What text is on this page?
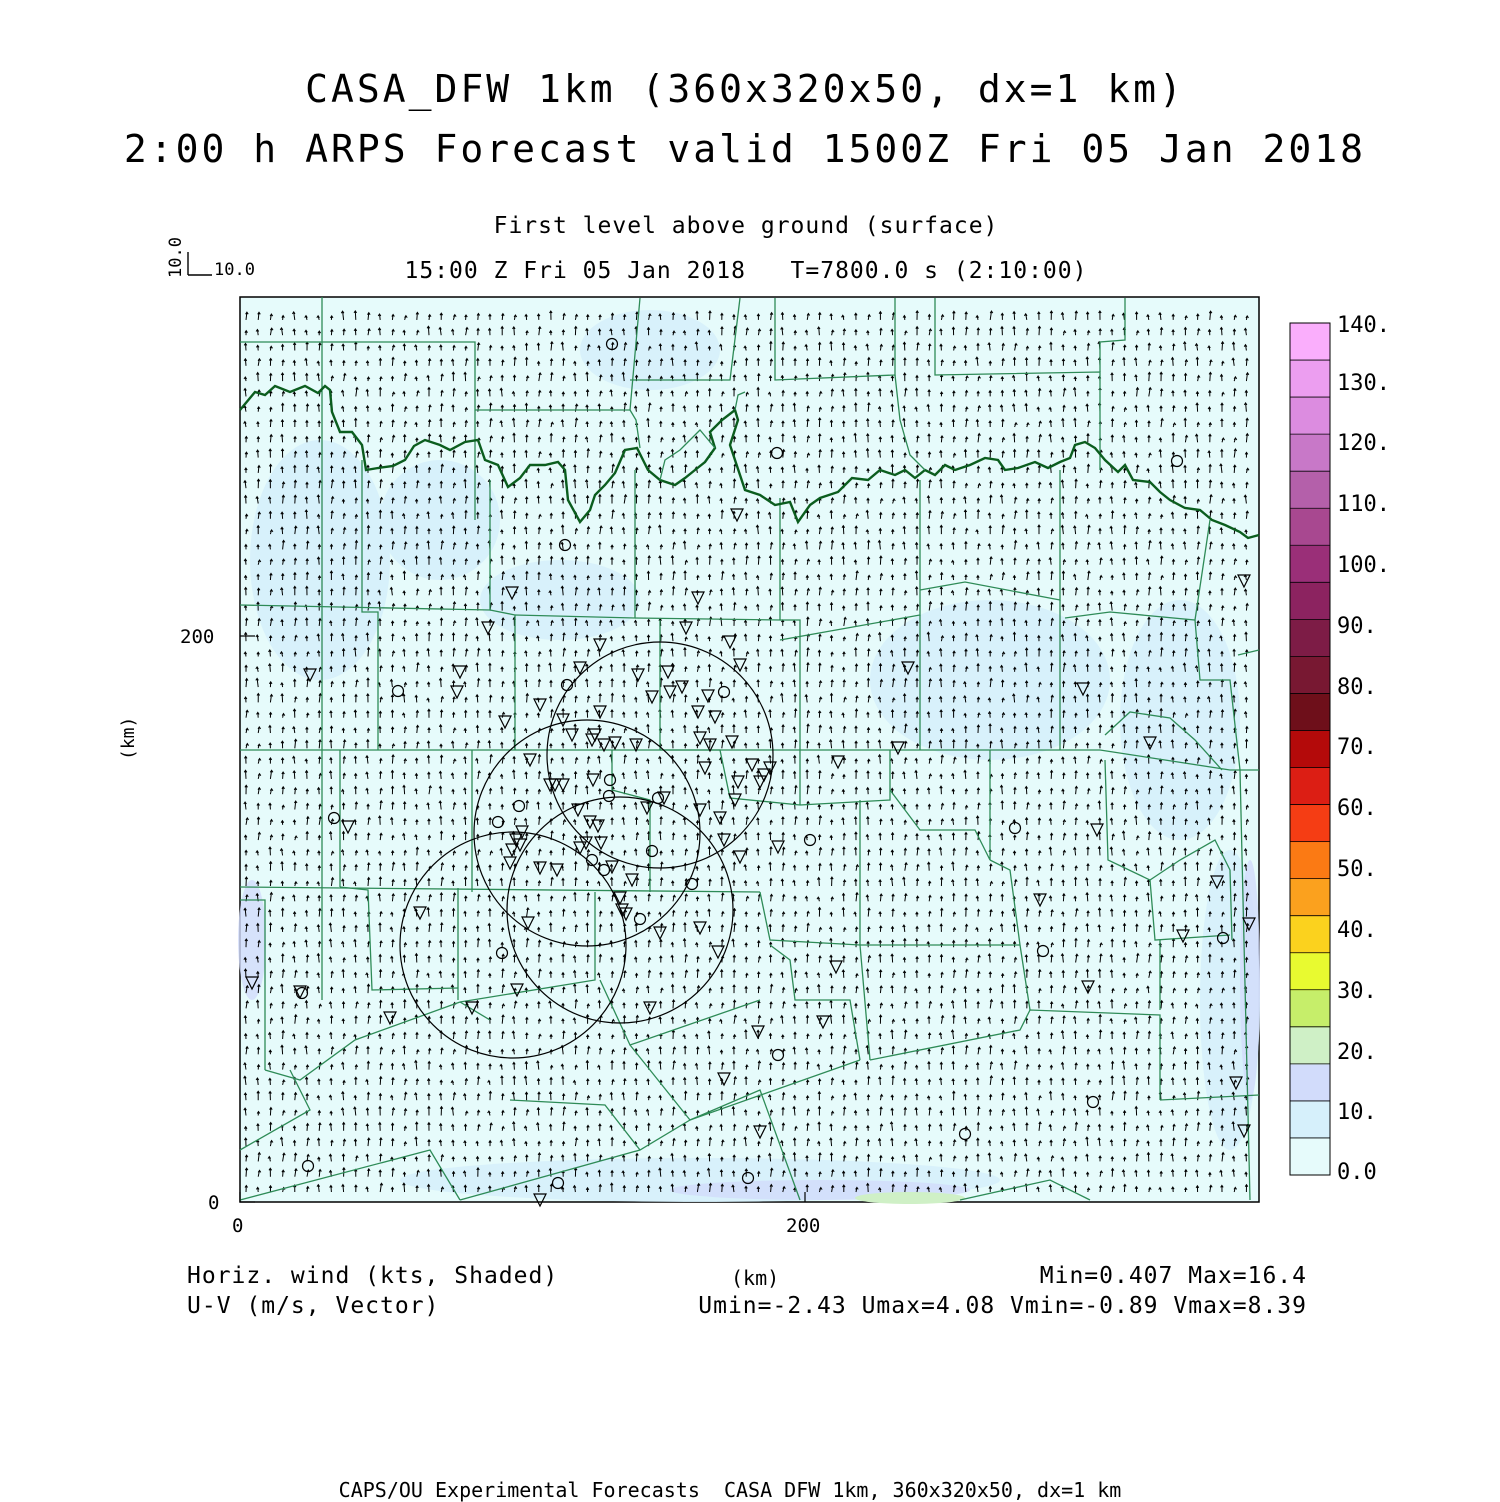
CASA_DFW 1km (360x320x50, dx=1 km)
2:00 h ARPS Forecast valid 1500Z Fri 05 Jan 2018
First level above ground (surface)
15:00 Z Fri 05 Jan 2018   T=7800.0 s (2:10:00)
10.0 10.0
(km)
200
0
0	200
(km)
Horiz. wind (kts, Shaded)
U-V (m/s, Vector)
Min=0.407 Max=16.4
Umin=-2.43 Umax=4.08 Vmin=-0.89 Vmax=8.39
140.
130.
120.
110.
100.
90.
80.
70.
60.
50.
40.
30.
20.
10.
0.0
CAPS/OU Experimental Forecasts  CASA DFW 1km, 360x320x50, dx=1 km
